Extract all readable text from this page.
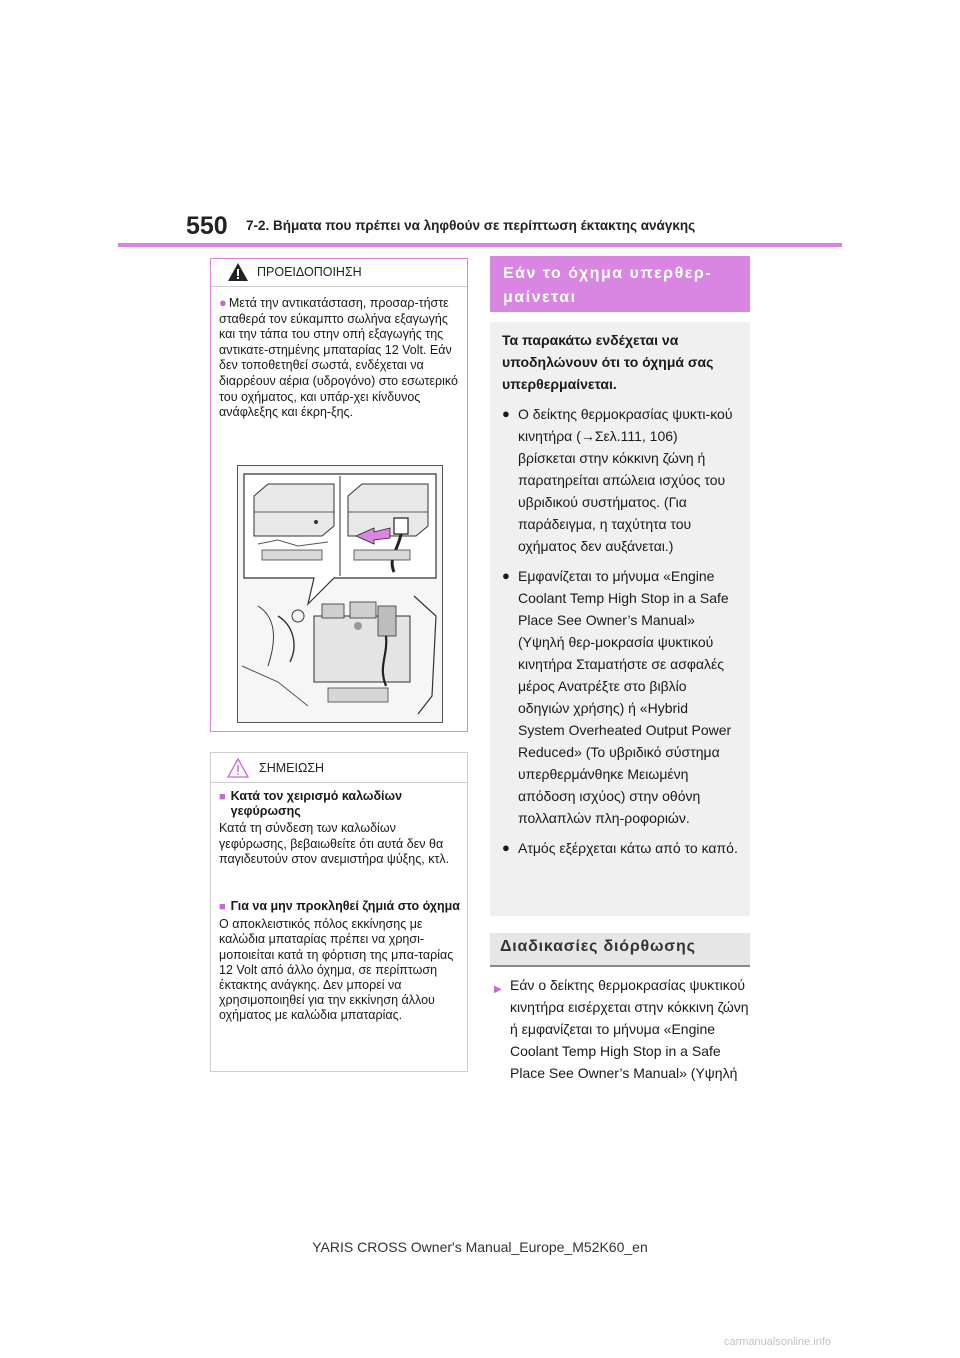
550 7-2. Βήματα που πρέπει να ληφθούν σε περίπτωση έκτακτης ανάγκης
ΠΡΟΕΙΔΟΠΟΙΗΣΗ
● Μετά την αντικατάσταση, προσαρ-τήστε σταθερά τον εύκαμπτο σωλήνα εξαγωγής και την τάπα του στην οπή εξαγωγής της αντικατε-στημένης μπαταρίας 12 Volt. Εάν δεν τοποθετηθεί σωστά, ενδέχεται να διαρρέουν αέρια (υδρογόνο) στο εσωτερικό του οχήματος, και υπάρ-χει κίνδυνος ανάφλεξης και έκρη-ξης.
ΣΗΜΕΙΩΣΗ
■ Κατά τον χειρισμό καλωδίων γεφύρωσης
Κατά τη σύνδεση των καλωδίων γεφύρωσης, βεβαιωθείτε ότι αυτά δεν θα παγιδευτούν στον ανεμιστήρα ψύξης, κτλ.
■ Για να μην προκληθεί ζημιά στο όχημα
Ο αποκλειστικός πόλος εκκίνησης με καλώδια μπαταρίας πρέπει να χρησι-μοποιείται κατά τη φόρτιση της μπα-ταρίας 12 Volt από άλλο όχημα, σε περίπτωση έκτακτης ανάγκης. Δεν μπορεί να χρησιμοποιηθεί για την εκκίνηση άλλου οχήματος με καλώδια μπαταρίας.
Εάν το όχημα υπερθερ-
μαίνεται
Τα παρακάτω ενδέχεται να υποδηλώνουν ότι το όχημά σας υπερθερμαίνεται.
● Ο δείκτης θερμοκρασίας ψυκτι-κού κινητήρα (→Σελ.111, 106) βρίσκεται στην κόκκινη ζώνη ή παρατηρείται απώλεια ισχύος του υβριδικού συστήματος. (Για παράδειγμα, η ταχύτητα του οχήματος δεν αυξάνεται.)
● Εμφανίζεται το μήνυμα «Engine Coolant Temp High Stop in a Safe Place See Owner’s Manual» (Υψηλή θερ-μοκρασία ψυκτικού κινητήρα Σταματήστε σε ασφαλές μέρος Ανατρέξτε στο βιβλίο οδηγιών χρήσης) ή «Hybrid System Overheated Output Power Reduced» (Το υβριδικό σύστημα υπερθερμάνθηκε Μειωμένη απόδοση ισχύος) στην οθόνη πολλαπλών πλη-ροφοριών.
● Ατμός εξέρχεται κάτω από το καπό.
Διαδικασίες διόρθωσης
▶ Εάν ο δείκτης θερμοκρασίας ψυκτικού κινητήρα εισέρχεται στην κόκκινη ζώνη ή εμφανίζεται το μήνυμα «Engine Coolant Temp High Stop in a Safe Place See Owner’s Manual» (Υψηλή
YARIS CROSS Owner's Manual_Europe_M52K60_en
carmanualsonline.info
